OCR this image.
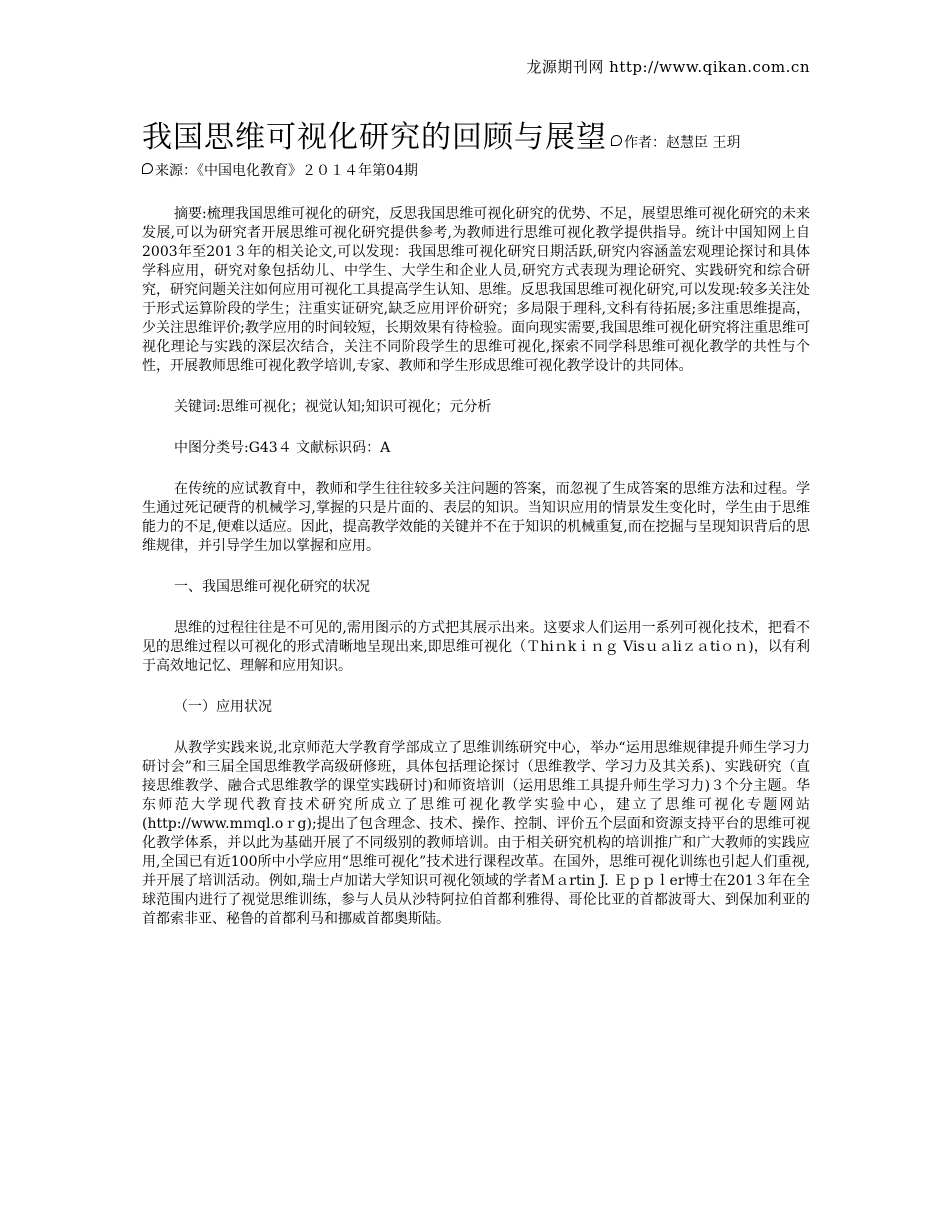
龙源期刊网 http://www.qikan.com.cn
我国思维可视化研究的回顾与展望 作者：赵慧臣 王玥
来源：《中国电化教育》２０１４年第04期

摘要:梳理我国思维可视化的研究，反思我国思维可视化研究的优势、不足，展望思维可视化研究的未来发展,可以为研究者开展思维可视化研究提供参考,为教师进行思维可视化教学提供指导。统计中国知网上自2003年至201３年的相关论文,可以发现：我国思维可视化研究日期活跃,研究内容涵盖宏观理论探讨和具体学科应用，研究对象包括幼儿、中学生、大学生和企业人员,研究方式表现为理论研究、实践研究和综合研究，研究问题关注如何应用可视化工具提高学生认知、思维。反思我国思维可视化研究,可以发现:较多关注处于形式运算阶段的学生；注重实证研究,缺乏应用评价研究；多局限于理科,文科有待拓展;多注重思维提高，少关注思维评价;教学应用的时间较短，长期效果有待检验。面向现实需要,我国思维可视化研究将注重思维可视化理论与实践的深层次结合，关注不同阶段学生的思维可视化,探索不同学科思维可视化教学的共性与个性，开展教师思维可视化教学培训,专家、教师和学生形成思维可视化教学设计的共同体。

关键词:思维可视化；视觉认知;知识可视化；元分析

中图分类号:G43４ 文献标识码：A

在传统的应试教育中，教师和学生往往较多关注问题的答案，而忽视了生成答案的思维方法和过程。学生通过死记硬背的机械学习,掌握的只是片面的、表层的知识。当知识应用的情景发生变化时，学生由于思维能力的不足,便难以适应。因此，提高教学效能的关键并不在于知识的机械重复,而在挖掘与呈现知识背后的思维规律，并引导学生加以掌握和应用。

一、我国思维可视化研究的状况

思维的过程往往是不可见的,需用图示的方式把其展示出来。这要求人们运用一系列可视化技术，把看不见的思维过程以可视化的形式清晰地呈现出来,即思维可视化（Ｔhiｎkｉｎｇ Visｕａliｚａtiｏｎ)，以有利于高效地记忆、理解和应用知识。

（一）应用状况

从教学实践来说,北京师范大学教育学部成立了思维训练研究中心，举办“运用思维规律提升师生学习力研讨会”和三届全国思维教学高级研修班，具体包括理论探讨（思维教学、学习力及其关系)、实践研究（直接思维教学、融合式思维教学的课堂实践研讨)和师资培训（运用思维工具提升师生学习力)３个分主题。华东师范大学现代教育技术研究所成立了思维可视化教学实验中心，建立了思维可视化专题网站(http://www.mｍql.oｒg);提出了包含理念、技术、操作、控制、评价五个层面和资源支持平台的思维可视化教学体系，并以此为基础开展了不同级别的教师培训。由于相关研究机构的培训推广和广大教师的实践应用,全国已有近100所中小学应用“思维可视化”技术进行课程改革。在国外，思维可视化训练也引起人们重视,并开展了培训活动。例如,瑞士卢加诺大学知识可视化领域的学者Ｍａrtin J. Ｅｐｐｌer博士在201３年在全球范围内进行了视觉思维训练，参与人员从沙特阿拉伯首都利雅得、哥伦比亚的首都波哥大、到保加利亚的首都索非亚、秘鲁的首都利马和挪威首都奥斯陆。
